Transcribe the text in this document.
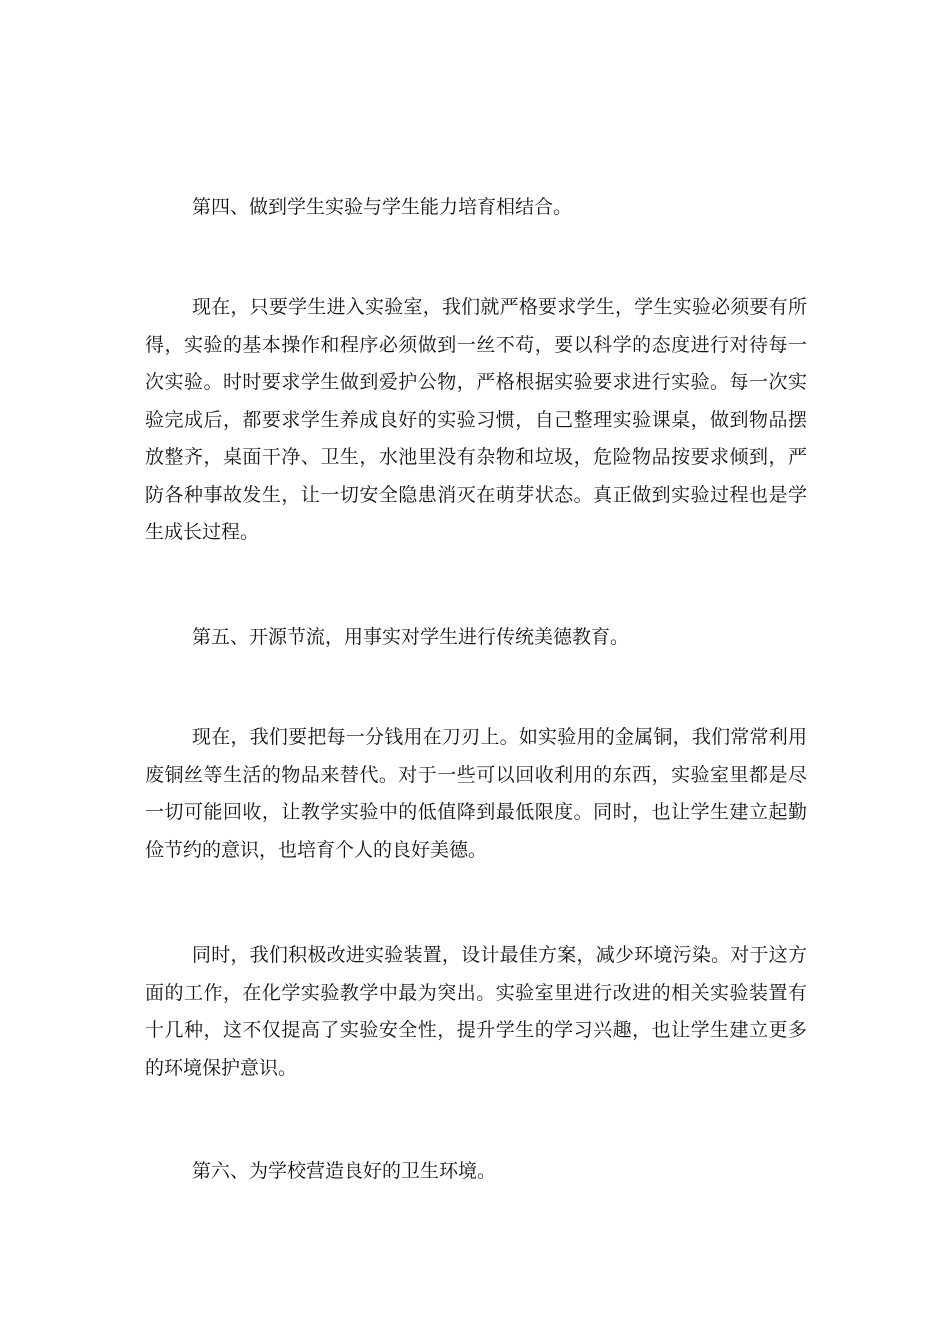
第四、做到学生实验与学生能力培育相结合。

现在，只要学生进入实验室，我们就严格要求学生，学生实验必须要有所得，实验的基本操作和程序必须做到一丝不苟，要以科学的态度进行对待每一次实验。时时要求学生做到爱护公物，严格根据实验要求进行实验。每一次实验完成后，都要求学生养成良好的实验习惯，自己整理实验课桌，做到物品摆放整齐，桌面干净、卫生，水池里没有杂物和垃圾，危险物品按要求倾到，严防各种事故发生，让一切安全隐患消灭在萌芽状态。真正做到实验过程也是学生成长过程。

第五、开源节流，用事实对学生进行传统美德教育。

现在，我们要把每一分钱用在刀刃上。如实验用的金属铜，我们常常利用废铜丝等生活的物品来替代。对于一些可以回收利用的东西，实验室里都是尽一切可能回收，让教学实验中的低值降到最低限度。同时，也让学生建立起勤俭节约的意识，也培育个人的良好美德。

同时，我们积极改进实验装置，设计最佳方案，减少环境污染。对于这方面的工作，在化学实验教学中最为突出。实验室里进行改进的相关实验装置有十几种，这不仅提高了实验安全性，提升学生的学习兴趣，也让学生建立更多的环境保护意识。

第六、为学校营造良好的卫生环境。
